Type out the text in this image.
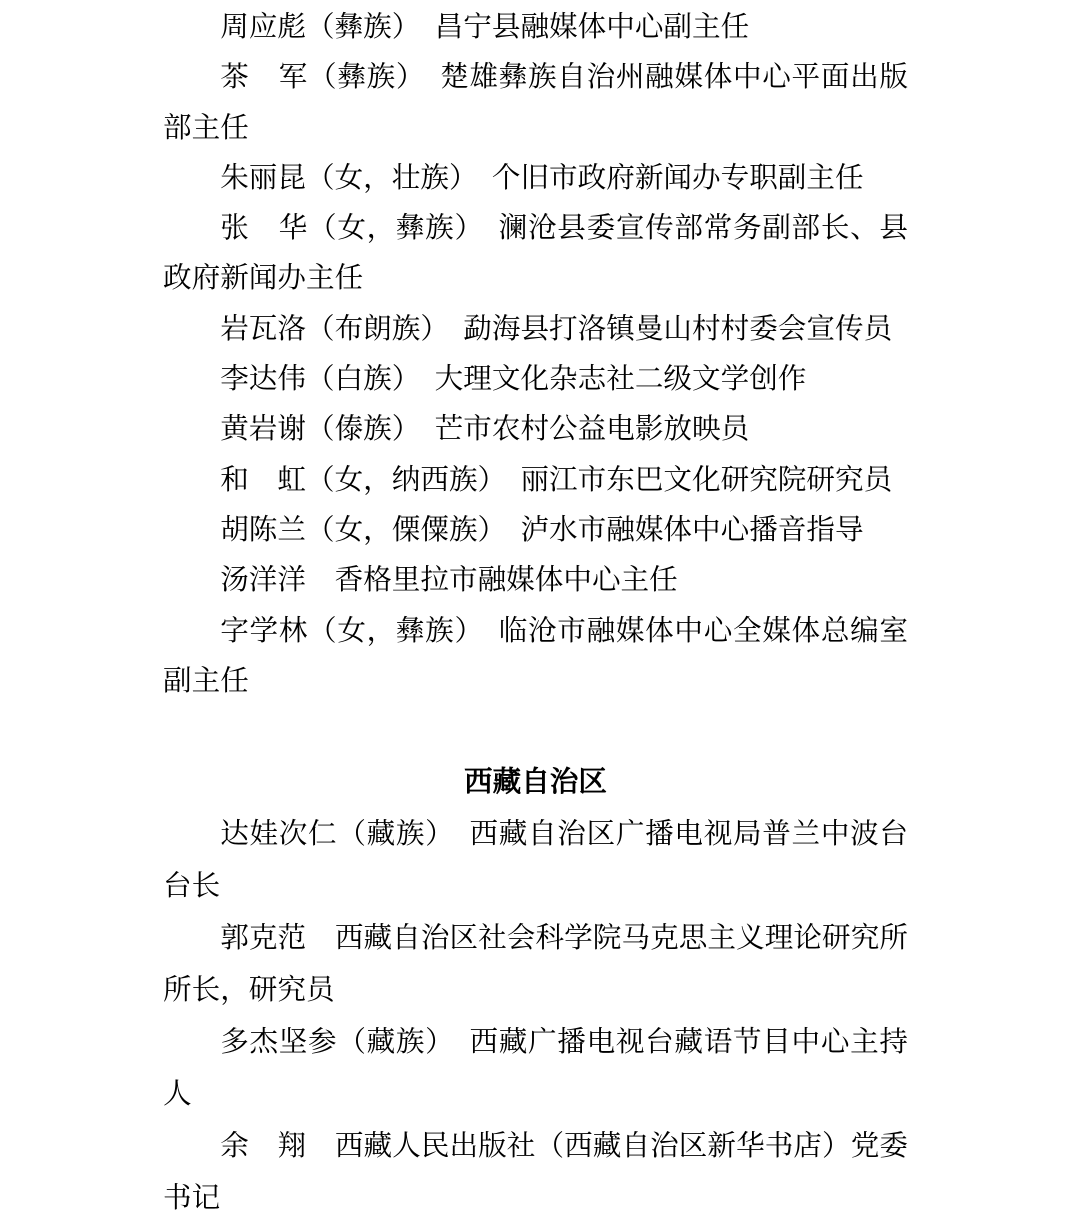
周应彪（彝族）　 昌宁县融媒体中心副主任

茶　军（彝族）　 楚雄彝族自治州融媒体中心平面出版部主任

朱丽昆（女，壮族）　 个旧市政府新闻办专职副主任

张　华（女，彝族）　 澜沧县委宣传部常务副部长、县政府新闻办主任

岩瓦洛（布朗族）　 勐海县打洛镇曼山村村委会宣传员

李达伟（白族）　 大理文化杂志社二级文学创作

黄岩谢（傣族）　 芒市农村公益电影放映员

和　虹（女，纳西族）　 丽江市东巴文化研究院研究员

胡陈兰（女，傈僳族）　 泸水市融媒体中心播音指导

汤洋洋　 香格里拉市融媒体中心主任

字学林（女，彝族）　 临沧市融媒体中心全媒体总编室副主任

西藏自治区

达娃次仁（藏族）　 西藏自治区广播电视局普兰中波台台长

郭克范　 西藏自治区社会科学院马克思主义理论研究所所长，研究员

多杰坚参（藏族）　 西藏广播电视台藏语节目中心主持人

余　翔　 西藏人民出版社（西藏自治区新华书店）党委书记
